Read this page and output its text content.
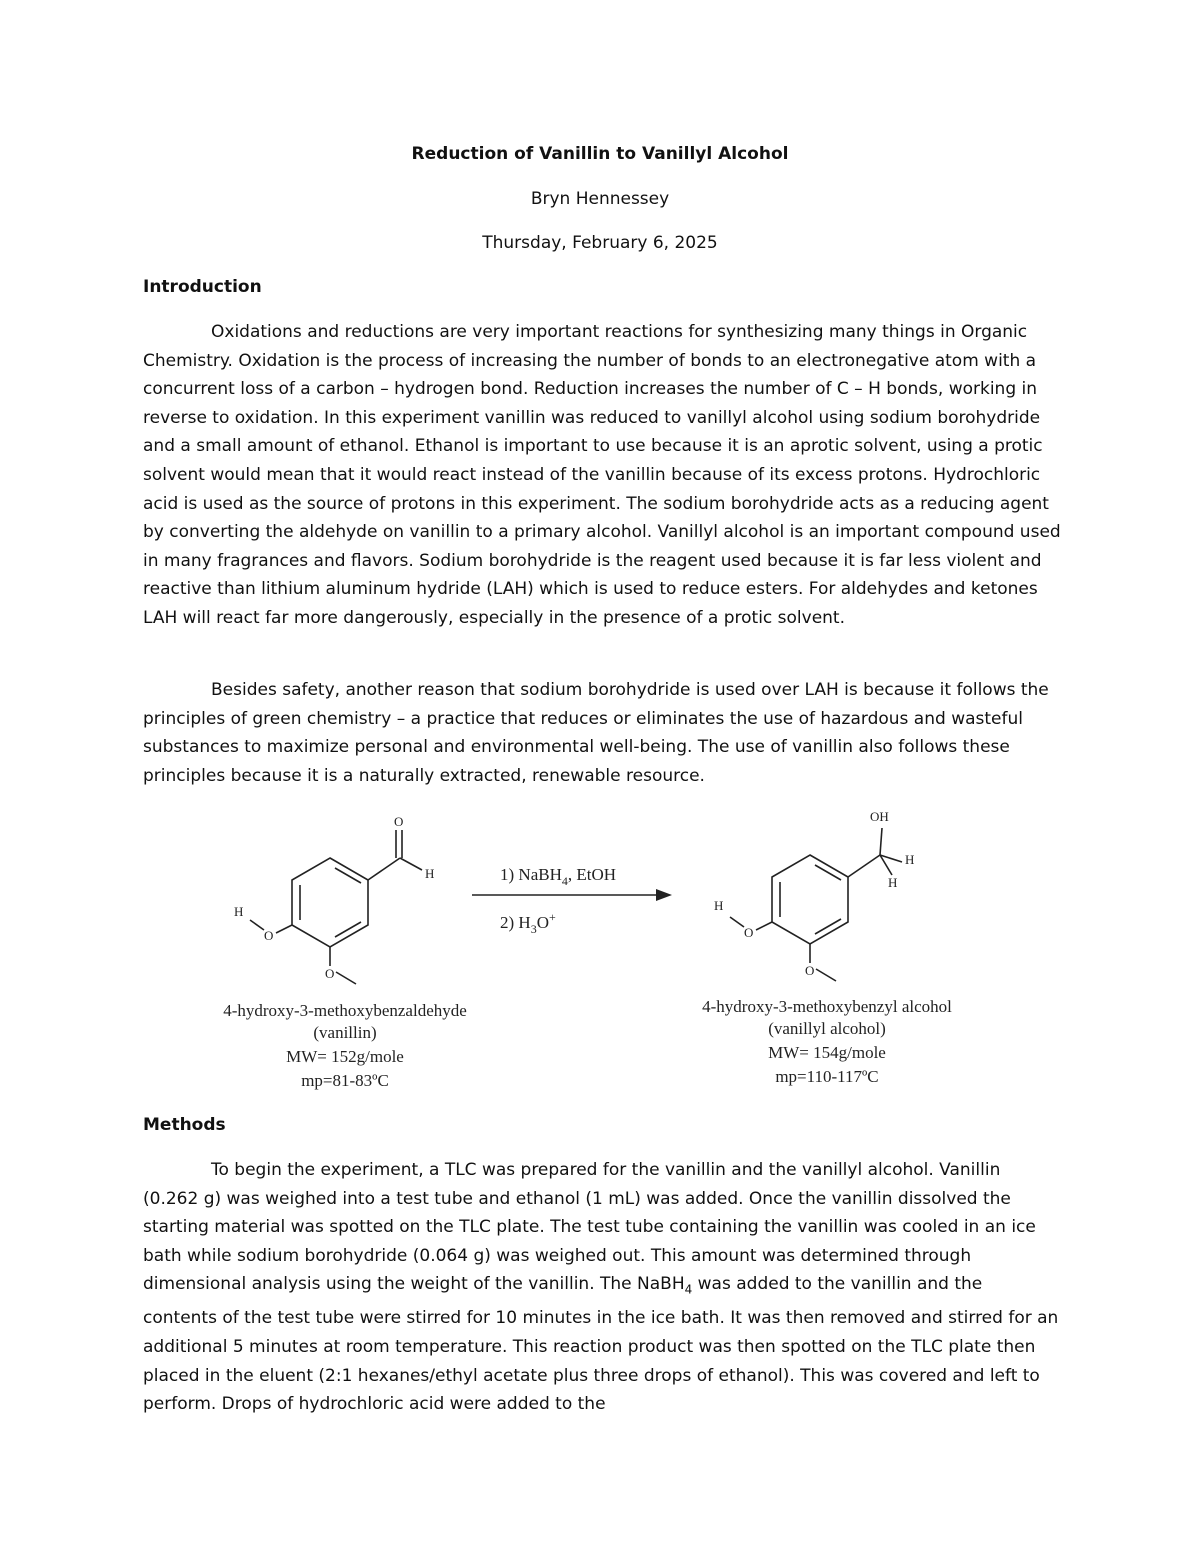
Reduction of Vanillin to Vanillyl Alcohol
Bryn Hennessey
Thursday, February 6, 2025
Introduction

Oxidations and reductions are very important reactions for synthesizing many things in Organic Chemistry. Oxidation is the process of increasing the number of bonds to an electronegative atom with a concurrent loss of a carbon – hydrogen bond. Reduction increases the number of C – H bonds, working in reverse to oxidation. In this experiment vanillin was reduced to vanillyl alcohol using sodium borohydride and a small amount of ethanol. Ethanol is important to use because it is an aprotic solvent, using a protic solvent would mean that it would react instead of the vanillin because of its excess protons. Hydrochloric acid is used as the source of protons in this experiment. The sodium borohydride acts as a reducing agent by converting the aldehyde on vanillin to a primary alcohol. Vanillyl alcohol is an important compound used in many fragrances and flavors. Sodium borohydride is the reagent used because it is far less violent and reactive than lithium aluminum hydride (LAH) which is used to reduce esters. For aldehydes and ketones LAH will react far more dangerously, especially in the presence of a protic solvent.

Besides safety, another reason that sodium borohydride is used over LAH is because it follows the principles of green chemistry – a practice that reduces or eliminates the use of hazardous and wasteful substances to maximize personal and environmental well-being. The use of vanillin also follows these principles because it is a naturally extracted, renewable resource.

O
H
H
O
O
1) NaBH$_4$, EtOH
2) $H_3O^+$
OH
H
H
H
O
O
4-hydroxy-3-methoxybenzaldehyde
(vanillin)
MW= 152g/mole
mp=81-83ºC
4-hydroxy-3-methoxybenzyl alcohol
(vanillyl alcohol)
MW= 154g/mole
mp=110-117ºC
Methods

To begin the experiment, a TLC was prepared for the vanillin and the vanillyl alcohol. Vanillin (0.262 g) was weighed into a test tube and ethanol (1 mL) was added. Once the vanillin dissolved the starting material was spotted on the TLC plate. The test tube containing the vanillin was cooled in an ice bath while sodium borohydride (0.064 g) was weighed out. This amount was determined through dimensional analysis using the weight of the vanillin. The NaBH$_4$ was added to the vanillin and the contents of the test tube were stirred for 10 minutes in the ice bath. It was then removed and stirred for an additional 5 minutes at room temperature. This reaction product was then spotted on the TLC plate then placed in the eluent (2:1 hexanes/ethyl acetate plus three drops of ethanol). This was covered and left to perform. Drops of hydrochloric acid were added to the
